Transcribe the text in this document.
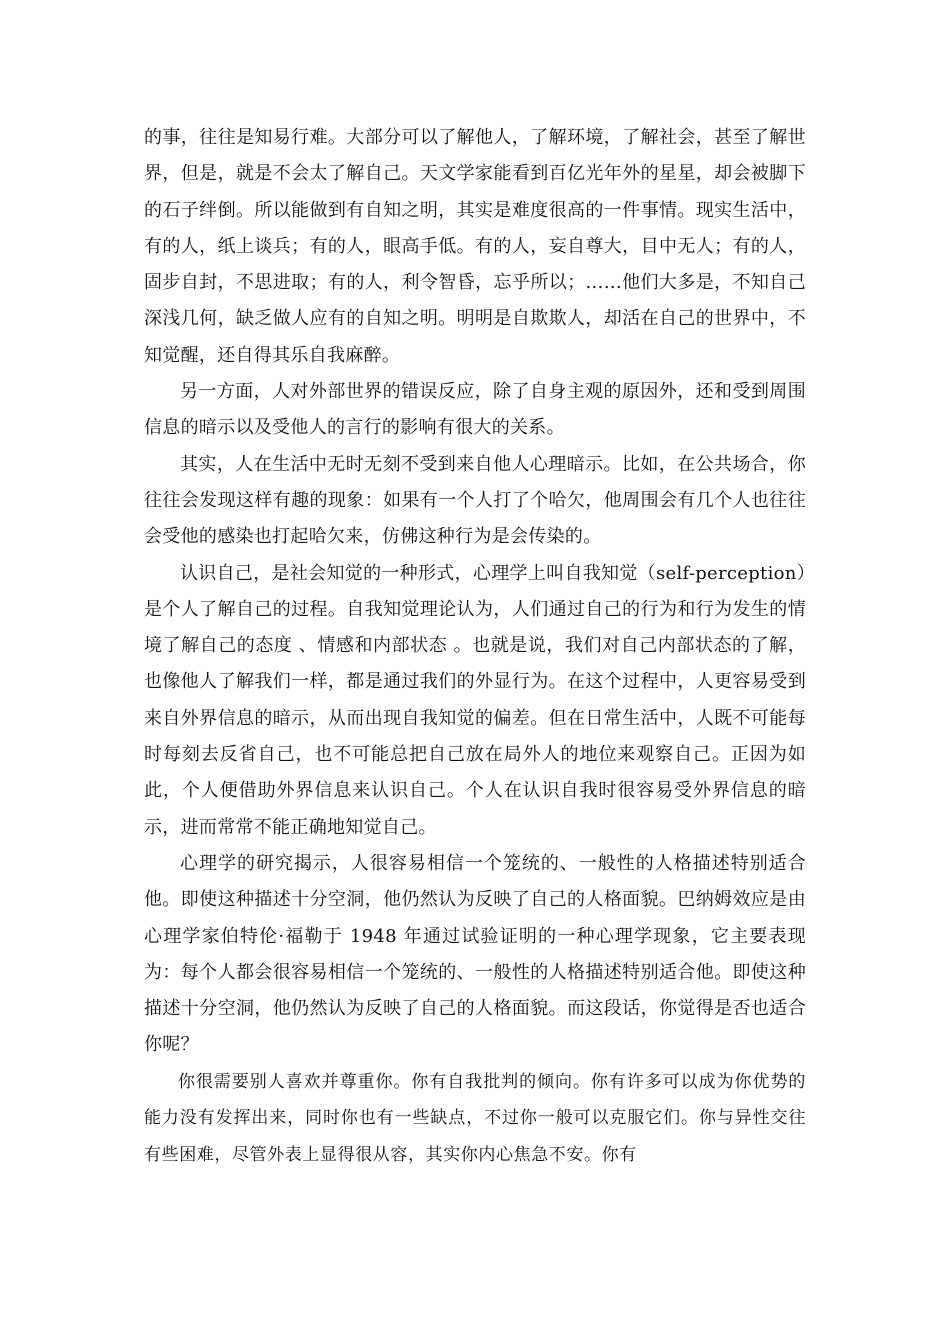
的事，往往是知易行难。大部分可以了解他人，了解环境，了解社会，甚至了解世界，但是，就是不会太了解自己。天文学家能看到百亿光年外的星星，却会被脚下的石子绊倒。所以能做到有自知之明，其实是难度很高的一件事情。现实生活中，有的人，纸上谈兵；有的人，眼高手低。有的人，妄自尊大，目中无人；有的人，固步自封，不思进取；有的人，利令智昏，忘乎所以；……他们大多是，不知自己深浅几何，缺乏做人应有的自知之明。明明是自欺欺人，却活在自己的世界中，不知觉醒，还自得其乐自我麻醉。

另一方面，人对外部世界的错误反应，除了自身主观的原因外，还和受到周围信息的暗示以及受他人的言行的影响有很大的关系。

其实，人在生活中无时无刻不受到来自他人心理暗示。比如，在公共场合，你往往会发现这样有趣的现象：如果有一个人打了个哈欠，他周围会有几个人也往往会受他的感染也打起哈欠来，仿佛这种行为是会传染的。

认识自己，是社会知觉的一种形式，心理学上叫自我知觉（self-perception）是个人了解自己的过程。自我知觉理论认为，人们通过自己的行为和行为发生的情境了解自己的态度 、情感和内部状态 。也就是说，我们对自己内部状态的了解，也像他人了解我们一样，都是通过我们的外显行为。在这个过程中，人更容易受到来自外界信息的暗示，从而出现自我知觉的偏差。但在日常生活中，人既不可能每时每刻去反省自己，也不可能总把自己放在局外人的地位来观察自己。正因为如此，个人便借助外界信息来认识自己。个人在认识自我时很容易受外界信息的暗示，进而常常不能正确地知觉自己。

心理学的研究揭示，人很容易相信一个笼统的、一般性的人格描述特别适合他。即使这种描述十分空洞，他仍然认为反映了自己的人格面貌。巴纳姆效应是由心理学家伯特伦·福勒于 1948 年通过试验证明的一种心理学现象，它主要表现为：每个人都会很容易相信一个笼统的、一般性的人格描述特别适合他。即使这种描述十分空洞，他仍然认为反映了自己的人格面貌。而这段话，你觉得是否也适合你呢？

你很需要别人喜欢并尊重你。你有自我批判的倾向。你有许多可以成为你优势的能力没有发挥出来，同时你也有一些缺点，不过你一般可以克服它们。你与异性交往有些困难，尽管外表上显得很从容，其实你内心焦急不安。你有
